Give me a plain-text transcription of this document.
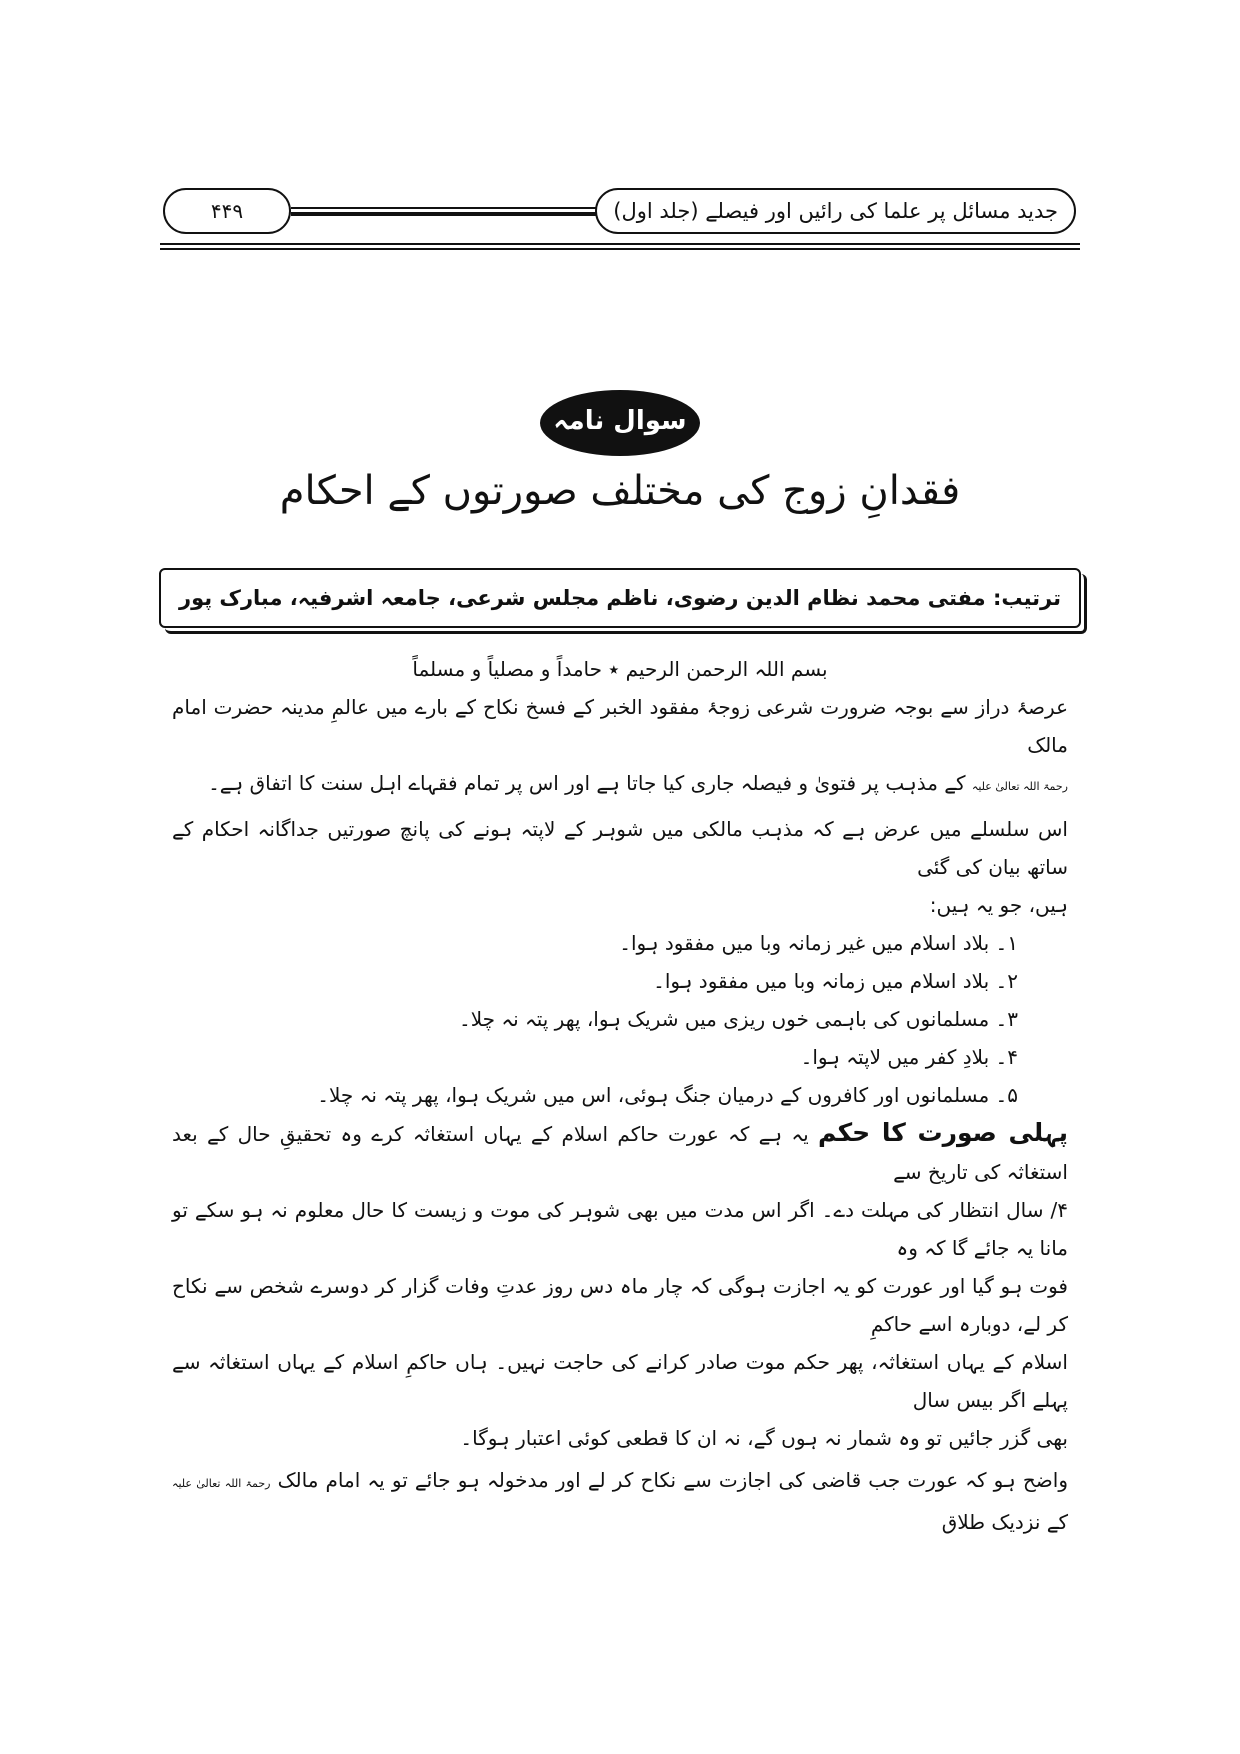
۴۴۹	جدید مسائل پر علما کی رائیں اور فیصلے (جلد اول)
سوال نامہ
فقدانِ زوج کی مختلف صورتوں کے احکام
ترتیب: مفتی محمد نظام الدین رضوی، ناظم مجلس شرعی، جامعہ اشرفیہ، مبارک پور
بسم اللہ الرحمن الرحیم ٭ حامداً و مصلیاً و مسلماً
عرصۂ دراز سے بوجہ ضرورت شرعی زوجۂ مفقود الخبر کے فسخ نکاح کے بارے میں عالمِ مدینہ حضرت امام مالک
رحمۃ اللہ تعالیٰ علیہ کے مذہب پر فتویٰ و فیصلہ جاری کیا جاتا ہے اور اس پر تمام فقہاے اہل سنت کا اتفاق ہے۔
اس سلسلے میں عرض ہے کہ مذہب مالکی میں شوہر کے لاپتہ ہونے کی پانچ صورتیں جداگانہ احکام کے ساتھ بیان کی گئی
ہیں، جو یہ ہیں:
۱۔ بلاد اسلام میں غیر زمانہ وبا میں مفقود ہوا۔
۲۔ بلاد اسلام میں زمانہ وبا میں مفقود ہوا۔
۳۔ مسلمانوں کی باہمی خوں ریزی میں شریک ہوا، پھر پتہ نہ چلا۔
۴۔ بلادِ کفر میں لاپتہ ہوا۔
۵۔ مسلمانوں اور کافروں کے درمیان جنگ ہوئی، اس میں شریک ہوا، پھر پتہ نہ چلا۔
پہلی صورت کا حکم یہ ہے کہ عورت حاکم اسلام کے یہاں استغاثہ کرے وہ تحقیقِ حال کے بعد استغاثہ کی تاریخ سے
۴/ سال انتظار کی مہلت دے۔ اگر اس مدت میں بھی شوہر کی موت و زیست کا حال معلوم نہ ہو سکے تو مانا یہ جائے گا کہ وہ
فوت ہو گیا اور عورت کو یہ اجازت ہوگی کہ چار ماہ دس روز عدتِ وفات گزار کر دوسرے شخص سے نکاح کر لے، دوبارہ اسے حاکمِ
اسلام کے یہاں استغاثہ، پھر حکم موت صادر کرانے کی حاجت نہیں۔ ہاں حاکمِ اسلام کے یہاں استغاثہ سے پہلے اگر بیس سال
بھی گزر جائیں تو وہ شمار نہ ہوں گے، نہ ان کا قطعی کوئی اعتبار ہوگا۔
واضح ہو کہ عورت جب قاضی کی اجازت سے نکاح کر لے اور مدخولہ ہو جائے تو یہ امام مالک رحمۃ اللہ تعالیٰ علیہ کے نزدیک طلاق
